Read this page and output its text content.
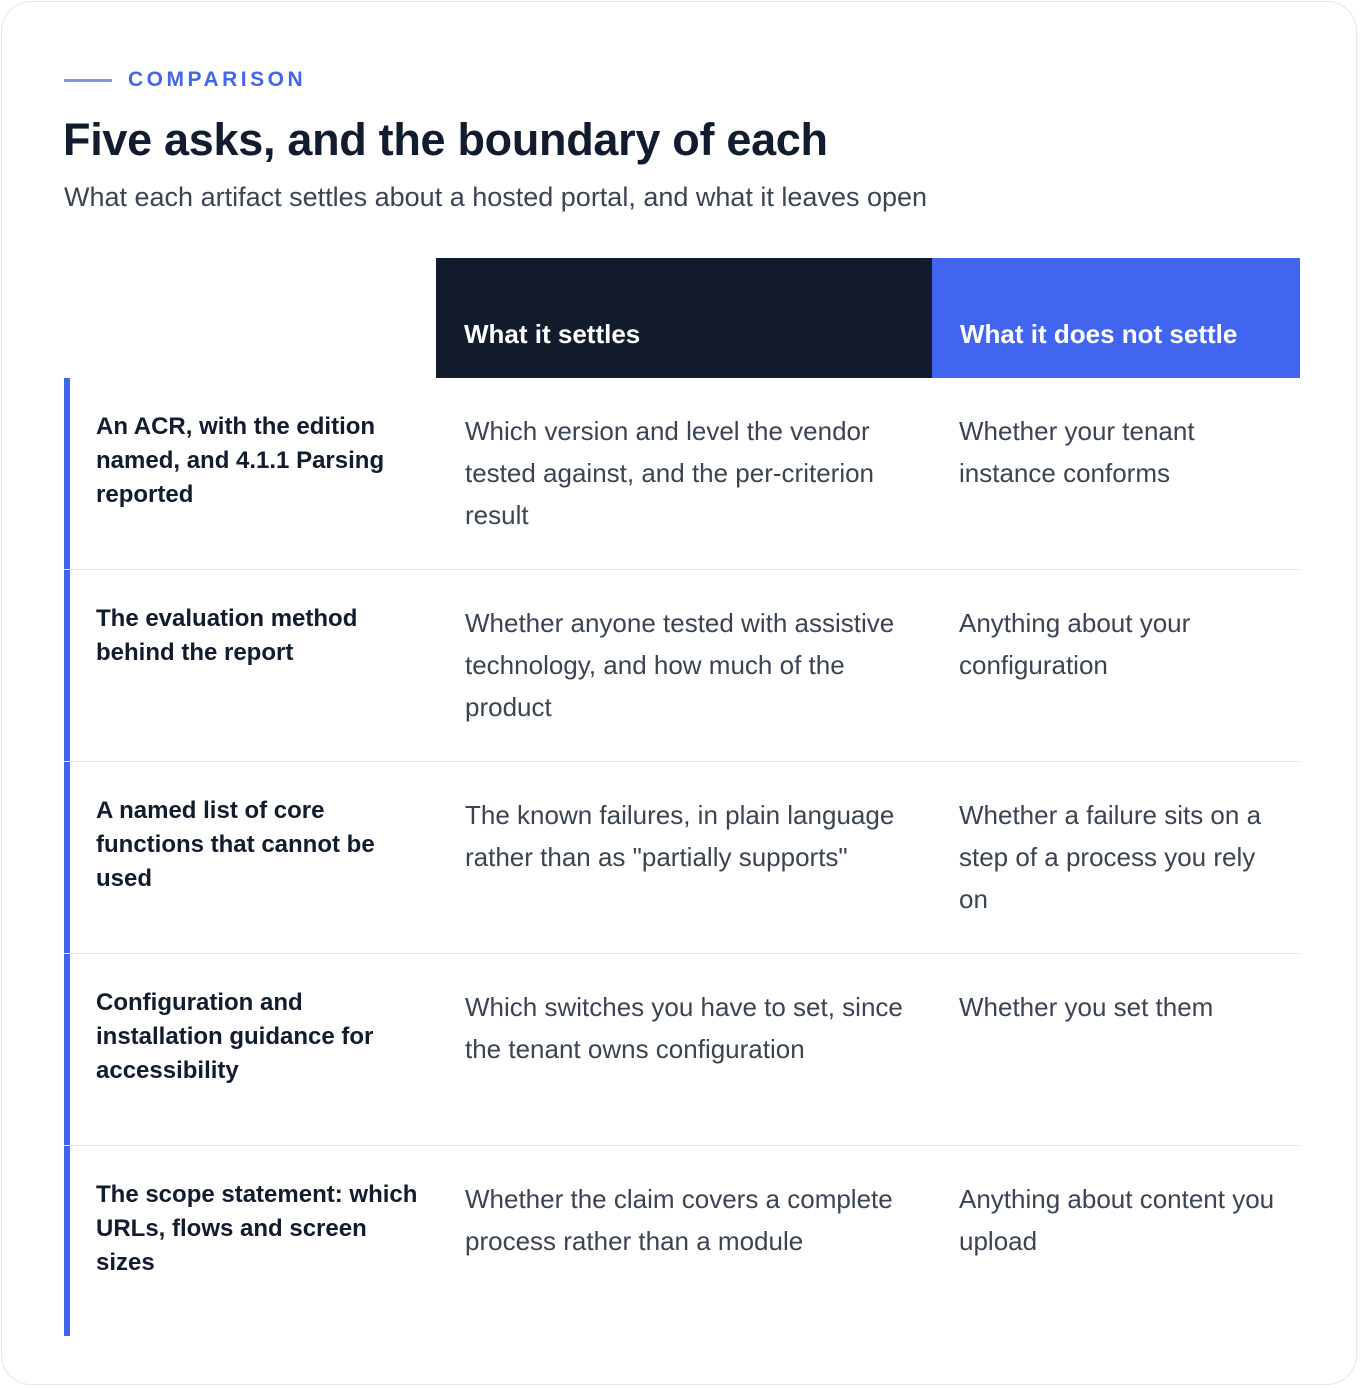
COMPARISON
Five asks, and the boundary of each
What each artifact settles about a hosted portal, and what it leaves open
What it settles	What it does not settle
An ACR, with the edition named, and 4.1.1 Parsing reported
Which version and level the vendor tested against, and the per-criterion result
Whether your tenant instance conforms
The evaluation method behind the report
Whether anyone tested with assistive technology, and how much of the product
Anything about your configuration
A named list of core functions that cannot be used
The known failures, in plain language rather than as "partially supports"
Whether a failure sits on a step of a process you rely on
Configuration and installation guidance for accessibility
Which switches you have to set, since the tenant owns configuration
Whether you set them
The scope statement: which URLs, flows and screen sizes
Whether the claim covers a complete process rather than a module
Anything about content you upload
